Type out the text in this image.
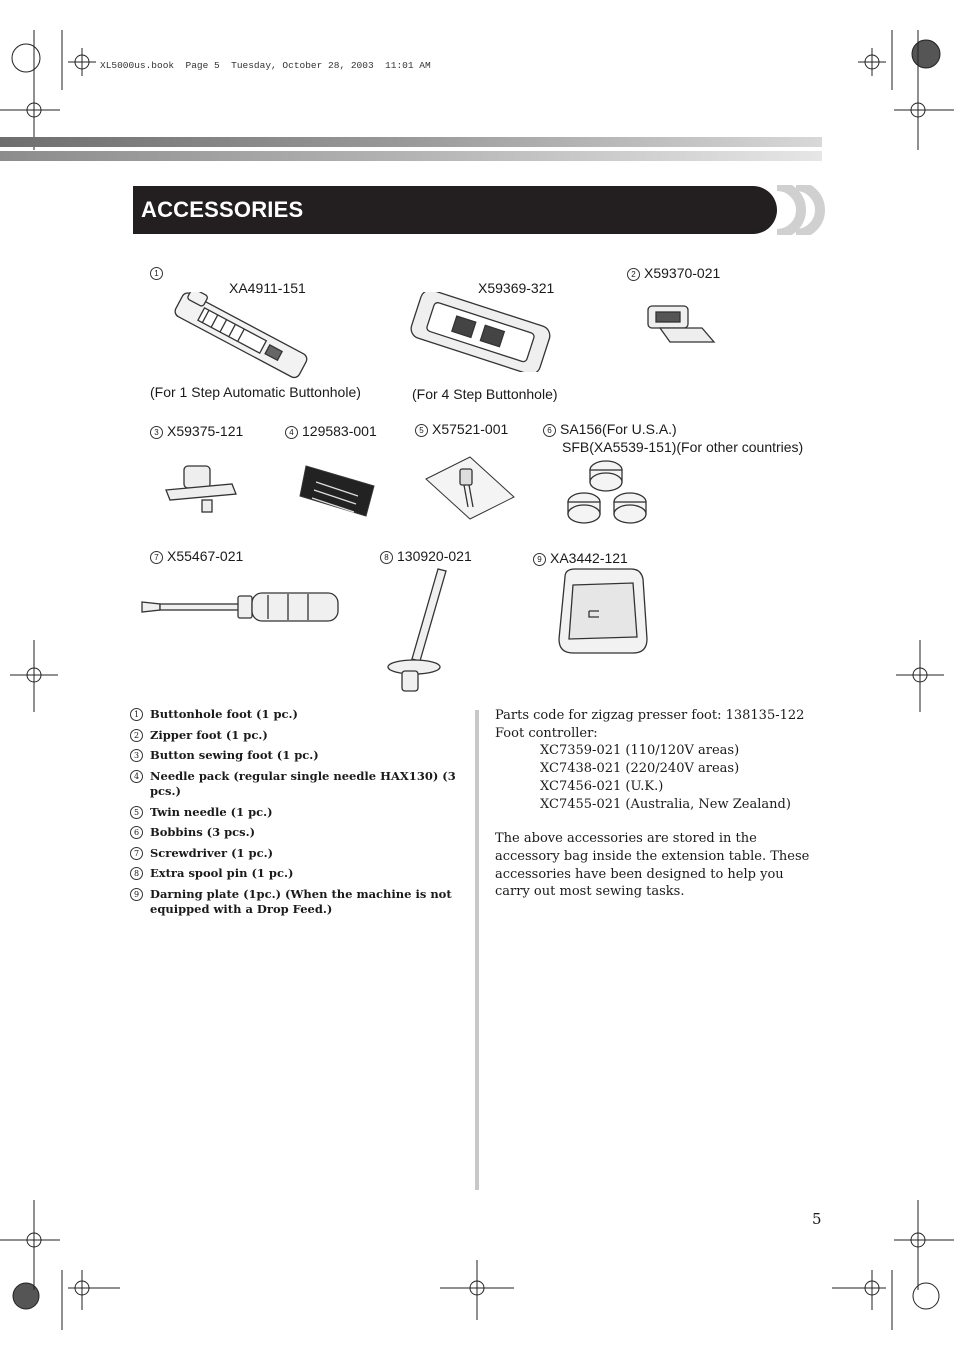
XL5000us.book  Page 5  Tuesday, October 28, 2003  11:01 AM
ACCESSORIES
1
XA4911-151
(For 1 Step Automatic Buttonhole)
X59369-321
(For 4 Step Buttonhole)
2 X59370-021
3 X59375-121	4 129583-001	5 X57521-001	6 SA156(For U.S.A.)
SFB(XA5539-151)(For other countries)
7 X55467-021	8 130920-021	9 XA3442-121
1 Buttonhole foot (1 pc.)
2 Zipper foot (1 pc.)
3 Button sewing foot (1 pc.)
4 Needle pack (regular single needle HAX130) (3 pcs.)
5 Twin needle (1 pc.)
6 Bobbins (3 pcs.)
7 Screwdriver (1 pc.)
8 Extra spool pin (1 pc.)
9 Darning plate (1pc.) (When the machine is not equipped with a Drop Feed.)
Parts code for zigzag presser foot: 138135-122
Foot controller:
XC7359-021 (110/120V areas)
XC7438-021 (220/240V areas)
XC7456-021 (U.K.)
XC7455-021 (Australia, New Zealand)
The above accessories are stored in the accessory bag inside the extension table. These accessories have been designed to help you carry out most sewing tasks.
5
